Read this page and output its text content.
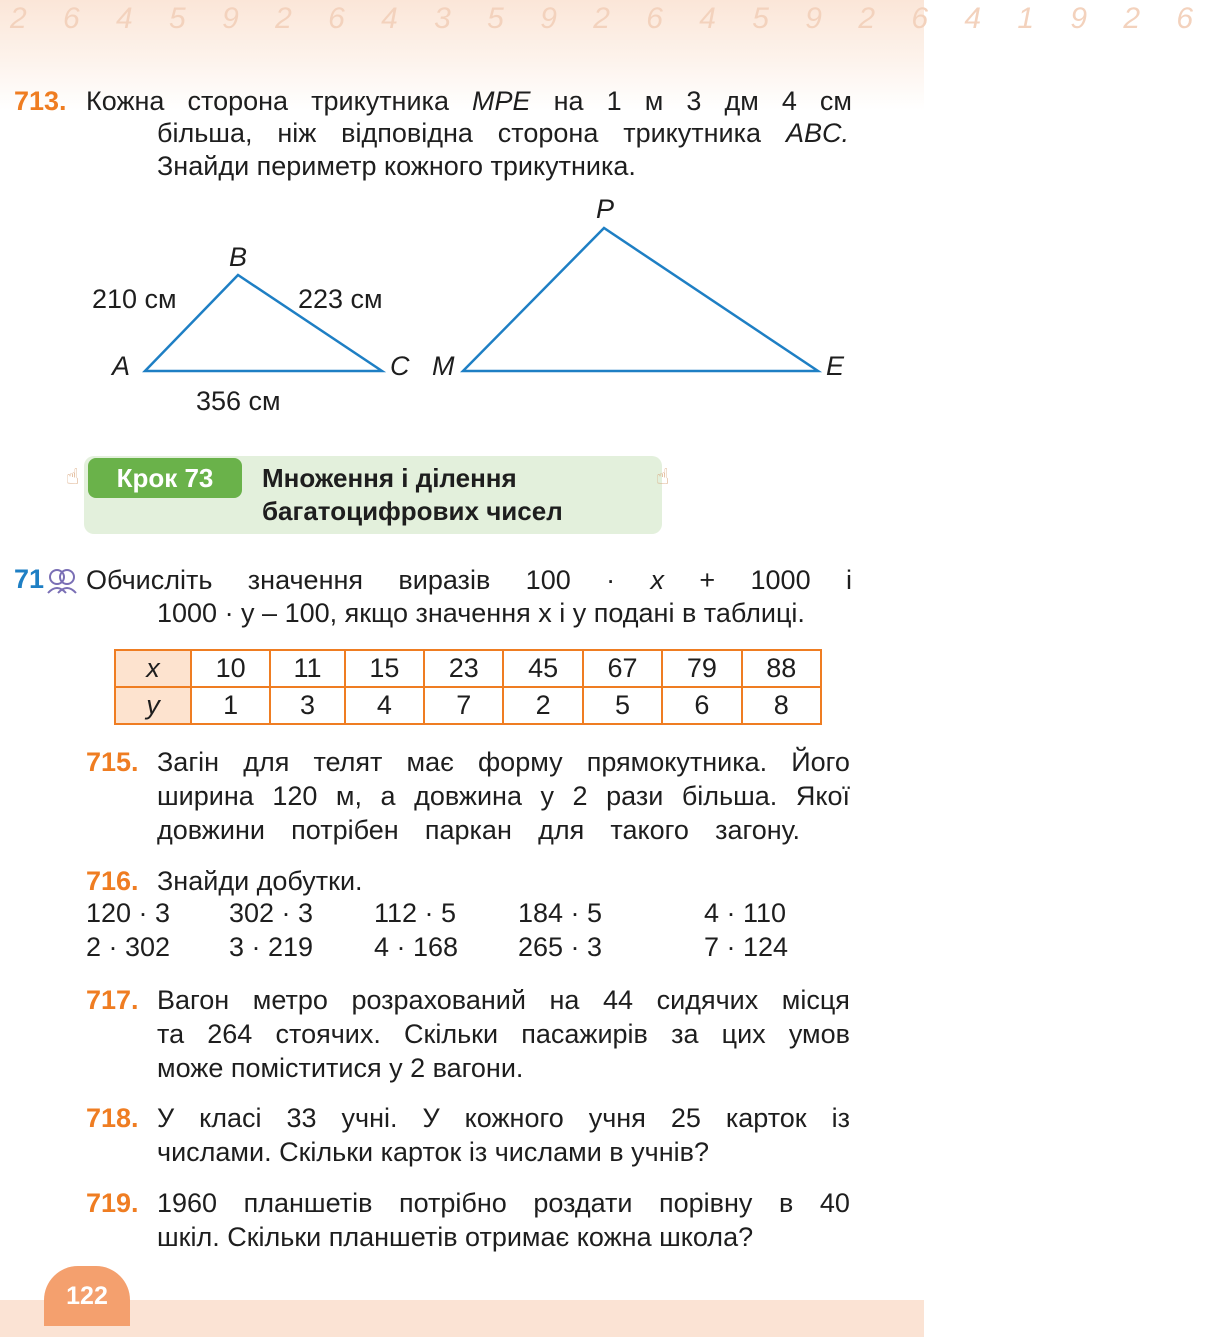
2 6 4 5 9 2 6 4 3 5 9 2 6 4 5 9 2 6 4 1 9 2 6
713. Кожна сторона трикутника MPE на 1 м 3 дм 4 см
більша, ніж відповідна сторона трикутника ABC.
Знайди периметр кожного трикутника.
B
A	C
210 см	223 см
356 см
M
P
E
☝	☝
Крок 73	Множення і ділення
багатоцифрових чисел
71 Обчисліть значення виразів 100 · x + 1000 і
1000 · y – 100, якщо значення x і y подані в таблиці.
x	10	11	15	23	45	67	79	88
y	1	3	4	7	2	5	6	8
715. Загін для телят має форму прямокутника. Його
ширина 120 м, а довжина у 2 рази більша. Якої
довжини потрібен паркан для такого загону.
716. Знайди добутки.
120 · 3 302 · 3 112 · 5 184 · 5	4 · 110
2 · 302 3 · 219 4 · 168 265 · 3	7 · 124
717. Вагон метро розрахований на 44 сидячих місця
та 264 стоячих. Скільки пасажирів за цих умов
може поміститися у 2 вагони.
718. У класі 33 учні. У кожного учня 25 карток із
числами. Скільки карток із числами в учнів?
719. 1960 планшетів потрібно роздати порівну в 40
шкіл. Скільки планшетів отримає кожна школа?
122
